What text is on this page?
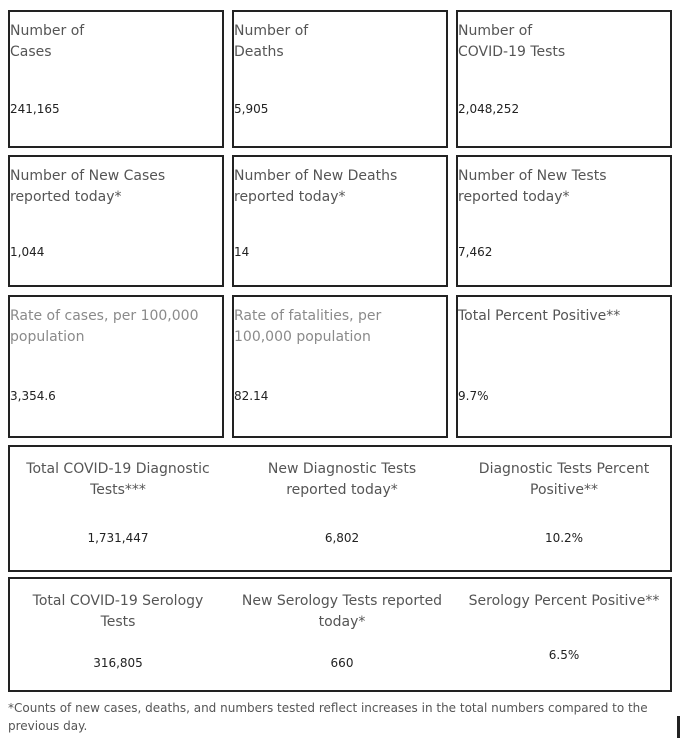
Number of
Cases
241,165
Number of
Deaths
5,905
Number of
COVID-19 Tests
2,048,252
Number of New Cases
reported today*
1,044
Number of New Deaths
reported today*
14
Number of New Tests
reported today*
7,462
Rate of cases, per 100,000
population
3,354.6
Rate of fatalities, per
100,000 population
82.14
Total Percent Positive**
9.7%
Total COVID-19 Diagnostic
Tests***
1,731,447
New Diagnostic Tests
reported today*
6,802
Diagnostic Tests Percent
Positive**
10.2%
Total COVID-19 Serology
Tests
316,805
New Serology Tests reported
today*
660
Serology Percent Positive**
6.5%
*Counts of new cases, deaths, and numbers tested reflect increases in the total numbers compared to the previous day.
